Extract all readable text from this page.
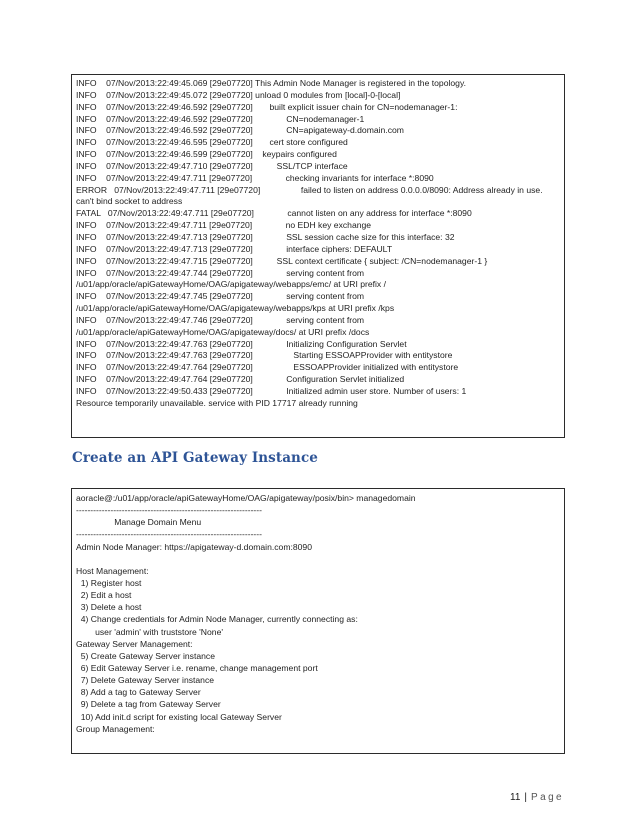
INFO    07/Nov/2013:22:49:45.069 [29e07720] This Admin Node Manager is registered in the topology.
INFO    07/Nov/2013:22:49:45.072 [29e07720] unload 0 modules from [local]-0-[local]
INFO    07/Nov/2013:22:49:46.592 [29e07720]       built explicit issuer chain for CN=nodemanager-1:
INFO    07/Nov/2013:22:49:46.592 [29e07720]              CN=nodemanager-1
INFO    07/Nov/2013:22:49:46.592 [29e07720]              CN=apigateway-d.domain.com
INFO    07/Nov/2013:22:49:46.595 [29e07720]       cert store configured
INFO    07/Nov/2013:22:49:46.599 [29e07720]    keypairs configured
INFO    07/Nov/2013:22:49:47.710 [29e07720]          SSL/TCP interface
INFO    07/Nov/2013:22:49:47.711 [29e07720]              checking invariants for interface *:8090
ERROR   07/Nov/2013:22:49:47.711 [29e07720]                 failed to listen on address 0.0.0.0/8090: Address already in use. can't bind socket to address
FATAL   07/Nov/2013:22:49:47.711 [29e07720]              cannot listen on any address for interface *:8090
INFO    07/Nov/2013:22:49:47.711 [29e07720]              no EDH key exchange
INFO    07/Nov/2013:22:49:47.713 [29e07720]              SSL session cache size for this interface: 32
INFO    07/Nov/2013:22:49:47.713 [29e07720]              interface ciphers: DEFAULT
INFO    07/Nov/2013:22:49:47.715 [29e07720]          SSL context certificate { subject: /CN=nodemanager-1 }
INFO    07/Nov/2013:22:49:47.744 [29e07720]              serving content from
/u01/app/oracle/apiGatewayHome/OAG/apigateway/webapps/emc/ at URI prefix /
INFO    07/Nov/2013:22:49:47.745 [29e07720]              serving content from
/u01/app/oracle/apiGatewayHome/OAG/apigateway/webapps/kps at URI prefix /kps
INFO    07/Nov/2013:22:49:47.746 [29e07720]              serving content from
/u01/app/oracle/apiGatewayHome/OAG/apigateway/docs/ at URI prefix /docs
INFO    07/Nov/2013:22:49:47.763 [29e07720]              Initializing Configuration Servlet
INFO    07/Nov/2013:22:49:47.763 [29e07720]                 Starting ESSOAPProvider with entitystore
INFO    07/Nov/2013:22:49:47.764 [29e07720]                 ESSOAPProvider initialized with entitystore
INFO    07/Nov/2013:22:49:47.764 [29e07720]              Configuration Servlet initialized
INFO    07/Nov/2013:22:49:50.433 [29e07720]              Initialized admin user store. Number of users: 1
Resource temporarily unavailable. service with PID 17717 already running
Create an API Gateway Instance
aoracle@:/u01/app/oracle/apiGatewayHome/OAG/apigateway/posix/bin> managedomain
-----------------------------------------------------------------
Manage Domain Menu
-----------------------------------------------------------------
Admin Node Manager: https://apigateway-d.domain.com:8090
Host Management:
1) Register host
2) Edit a host
3) Delete a host
4) Change credentials for Admin Node Manager, currently connecting as:
user 'admin' with truststore 'None'
Gateway Server Management:
5) Create Gateway Server instance
6) Edit Gateway Server i.e. rename, change management port
7) Delete Gateway Server instance
8) Add a tag to Gateway Server
9) Delete a tag from Gateway Server
10) Add init.d script for existing local Gateway Server
Group Management:
11 | Page
